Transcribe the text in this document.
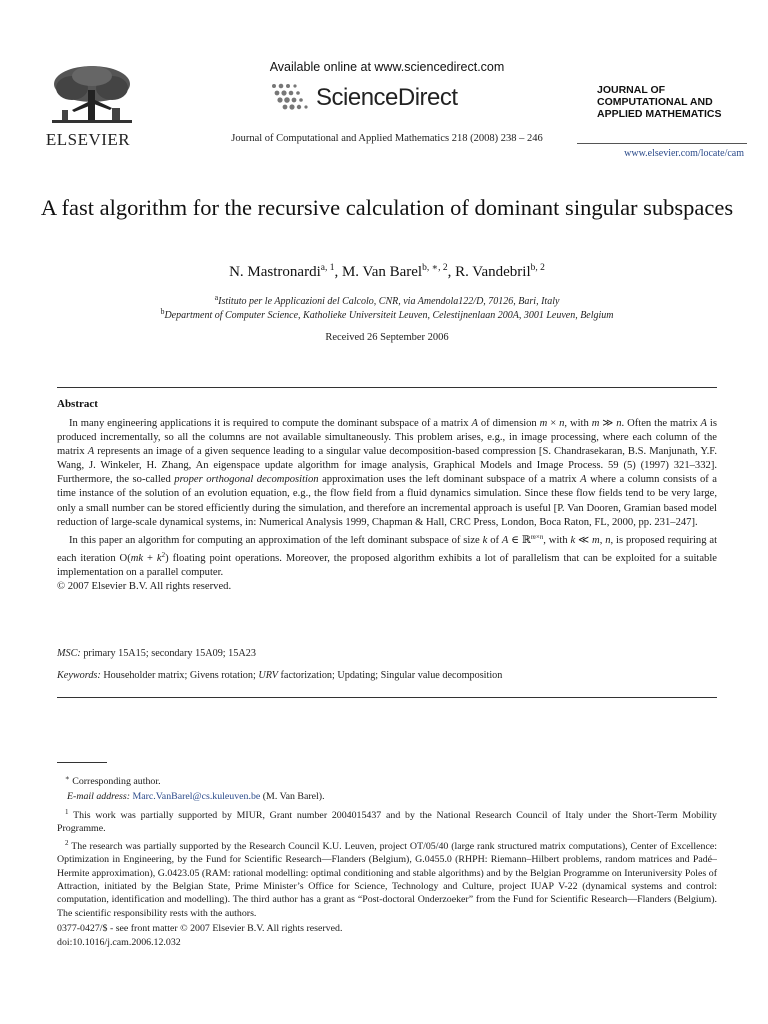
ELSEVIER
Available online at www.sciencedirect.com
ScienceDirect
Journal of Computational and Applied Mathematics 218 (2008) 238 – 246
JOURNAL OF
COMPUTATIONAL AND
APPLIED MATHEMATICS
www.elsevier.com/locate/cam
A fast algorithm for the recursive calculation of dominant singular subspaces
N. Mastronardi$^{a, 1}$, M. Van Barel$^{b, ∗, 2}$, R. Vandebril$^{b, 2}$
$^a$Istituto per le Applicazioni del Calcolo, CNR, via Amendola122/D, 70126, Bari, Italy
$^b$Department of Computer Science, Katholieke Universiteit Leuven, Celestijnenlaan 200A, 3001 Leuven, Belgium
Received 26 September 2006
Abstract

In many engineering applications it is required to compute the dominant subspace of a matrix A of dimension m × n, with m ≫ n. Often the matrix A is produced incrementally, so all the columns are not available simultaneously. This problem arises, e.g., in image processing, where each column of the matrix A represents an image of a given sequence leading to a singular value decomposition-based compression [S. Chandrasekaran, B.S. Manjunath, Y.F. Wang, J. Winkeler, H. Zhang, An eigenspace update algorithm for image analysis, Graphical Models and Image Process. 59 (5) (1997) 321–332]. Furthermore, the so-called proper orthogonal decomposition approximation uses the left dominant subspace of a matrix A where a column consists of a time instance of the solution of an evolution equation, e.g., the flow field from a fluid dynamics simulation. Since these flow fields tend to be very large, only a small number can be stored efficiently during the simulation, and therefore an incremental approach is useful [P. Van Dooren, Gramian based model reduction of large-scale dynamical systems, in: Numerical Analysis 1999, Chapman & Hall, CRC Press, London, Boca Raton, FL, 2000, pp. 231–247].

In this paper an algorithm for computing an approximation of the left dominant subspace of size k of A ∈ ℝ$^{m\times n}$, with k ≪ m, n, is proposed requiring at each iteration $O(mk + k^2)$ floating point operations. Moreover, the proposed algorithm exhibits a lot of parallelism that can be exploited for a suitable implementation on a parallel computer.

© 2007 Elsevier B.V. All rights reserved.
MSC: primary 15A15; secondary 15A09; 15A23
Keywords: Householder matrix; Givens rotation; URV factorization; Updating; Singular value decomposition
∗ Corresponding author.
E-mail address: Marc.VanBarel@cs.kuleuven.be (M. Van Barel).
$^1$ This work was partially supported by MIUR, Grant number 2004015437 and by the National Research Council of Italy under the Short-Term Mobility Programme.
$^2$ The research was partially supported by the Research Council K.U. Leuven, project OT/05/40 (large rank structured matrix computations), Center of Excellence: Optimization in Engineering, by the Fund for Scientific Research—Flanders (Belgium), G.0455.0 (RHPH: Riemann–Hilbert problems, random matrices and Padé–Hermite approximation), G.0423.05 (RAM: rational modelling: optimal conditioning and stable algorithms) and by the Belgian Programme on Interuniversity Poles of Attraction, initiated by the Belgian State, Prime Minister’s Office for Science, Technology and Culture, project IUAP V-22 (dynamical systems and control: computation, identification and modelling). The third author has a grant as “Post-doctoral Onderzoeker” from the Fund for Scientific Research—Flanders (Belgium). The scientific responsibility rests with the authors.
0377-0427/$ - see front matter © 2007 Elsevier B.V. All rights reserved.
doi:10.1016/j.cam.2006.12.032
